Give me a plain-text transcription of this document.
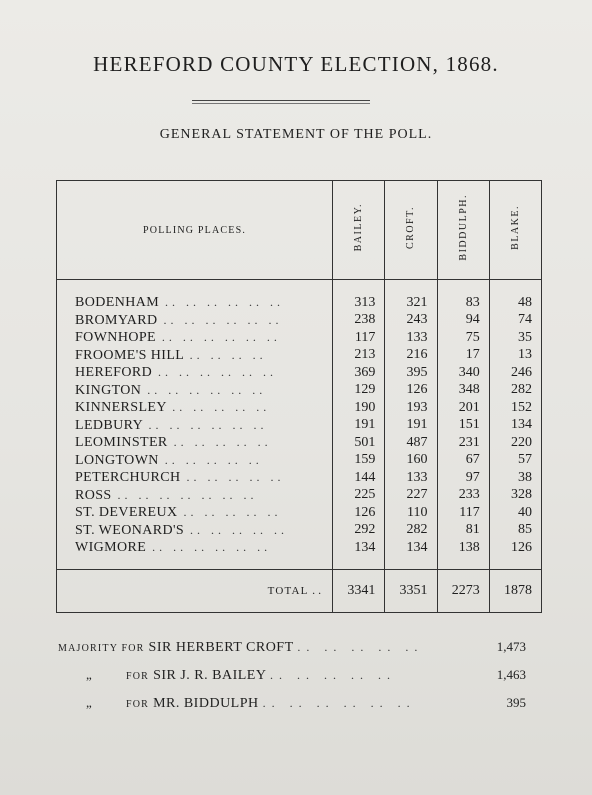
HEREFORD COUNTY ELECTION, 1868.
GENERAL STATEMENT OF THE POLL.
POLLING PLACES.	BAILEY.	CROFT.	BIDDULPH.	BLAKE.
BODENHAM .. .. .. .. .. ..	313	321	83	48
BROMYARD .. .. .. .. .. ..	238	243	94	74
FOWNHOPE .. .. .. .. .. ..	117	133	75	35
FROOME'S HILL .. .. .. ..	213	216	17	13
HEREFORD .. .. .. .. .. ..	369	395	340	246
KINGTON .. .. .. .. .. ..	129	126	348	282
KINNERSLEY .. .. .. .. ..	190	193	201	152
LEDBURY .. .. .. .. .. ..	191	191	151	134
LEOMINSTER .. .. .. .. ..	501	487	231	220
LONGTOWN .. .. .. .. ..	159	160	67	57
PETERCHURCH .. .. .. .. ..	144	133	97	38
ROSS .. .. .. .. .. .. ..	225	227	233	328
ST. DEVEREUX .. .. .. .. ..	126	110	117	40
ST. WEONARD'S .. .. .. .. ..	292	282	81	85
WIGMORE .. .. .. .. .. ..	134	134	138	126
TOTAL ..	3341	3351	2273	1878
MAJORITY FOR SIR HERBERT CROFT .. .. .. .. ..	1,473
„	FOR SIR J. R. BAILEY .. .. .. .. ..	1,463
„	FOR MR. BIDDULPH .. .. .. .. .. ..	395
